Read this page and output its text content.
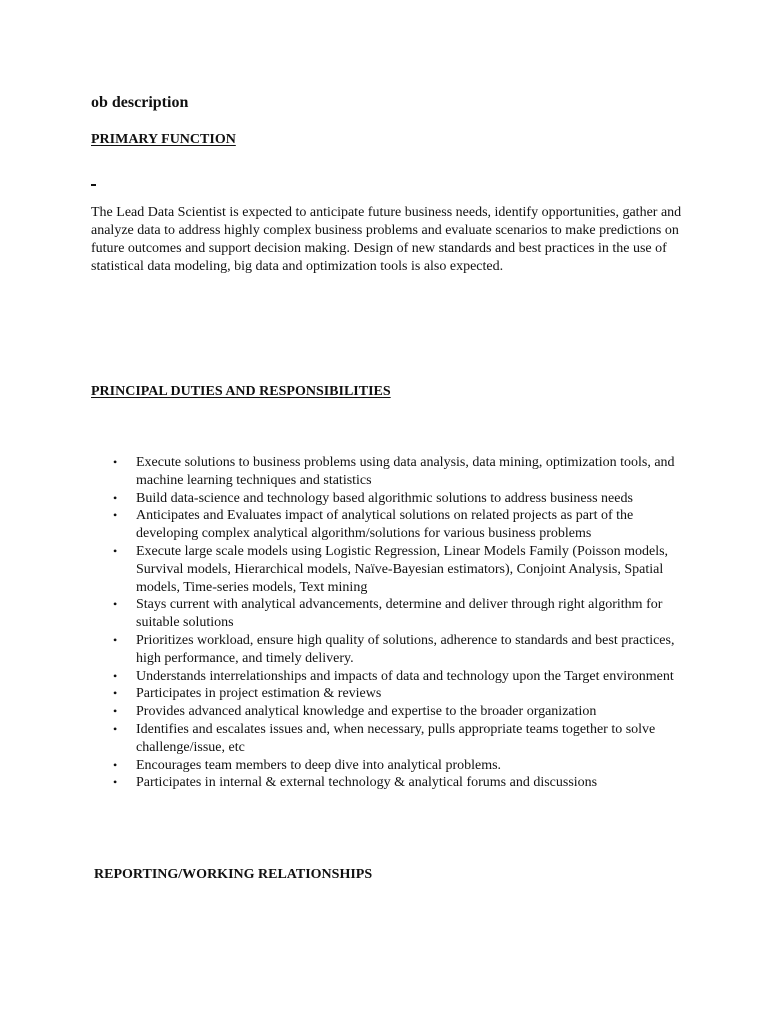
ob description
PRIMARY FUNCTION

The Lead Data Scientist is expected to anticipate future business needs, identify opportunities, gather and analyze data to address highly complex business problems and evaluate scenarios to make predictions on future outcomes and support decision making. Design of new standards and best practices in the use of statistical data modeling, big data and optimization tools is also expected.

PRINCIPAL DUTIES AND RESPONSIBILITIES
• Execute solutions to business problems using data analysis, data mining, optimization tools, and machine learning techniques and statistics
• Build data-science and technology based algorithmic solutions to address business needs
• Anticipates and Evaluates impact of analytical solutions on related projects as part of the developing complex analytical algorithm/solutions for various business problems
• Execute large scale models using Logistic Regression, Linear Models Family (Poisson models, Survival models, Hierarchical models, Naïve-Bayesian estimators), Conjoint Analysis, Spatial models, Time-series models, Text mining
• Stays current with analytical advancements, determine and deliver through right algorithm for suitable solutions
• Prioritizes workload, ensure high quality of solutions, adherence to standards and best practices, high performance, and timely delivery.
• Understands interrelationships and impacts of data and technology upon the Target environment
• Participates in project estimation & reviews
• Provides advanced analytical knowledge and expertise to the broader organization
• Identifies and escalates issues and, when necessary, pulls appropriate teams together to solve challenge/issue, etc
• Encourages team members to deep dive into analytical problems.
• Participates in internal & external technology & analytical forums and discussions
REPORTING/WORKING RELATIONSHIPS
